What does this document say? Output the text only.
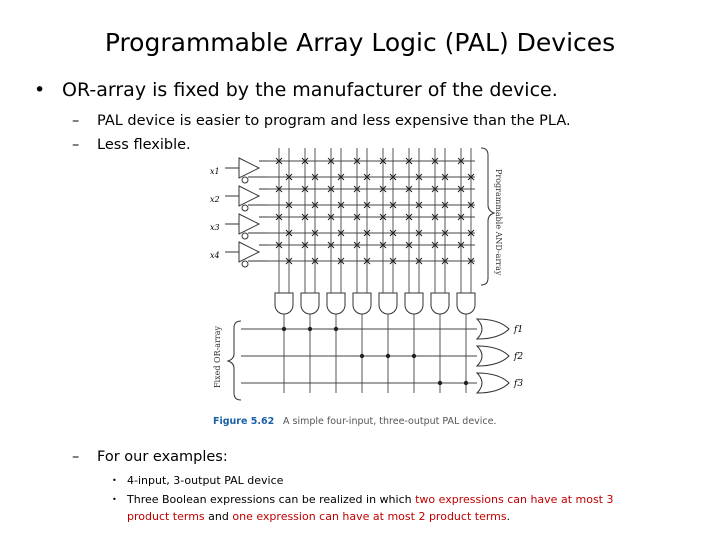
Programmable Array Logic (PAL) Devices
• OR-array is fixed by the manufacturer of the device.
– PAL device is easier to program and less expensive than the PLA.
– Less flexible.
– For our examples:
• 4-input, 3-output PAL device
• Three Boolean expressions can be realized in which two expressions can have at most 3 product terms and one expression can have at most 2 product terms.
x1
x2
x3
x4
f1
f2
f3
Programmable AND-array
Fixed OR-array
Figure 5.62 A simple four-input, three-output PAL device.
